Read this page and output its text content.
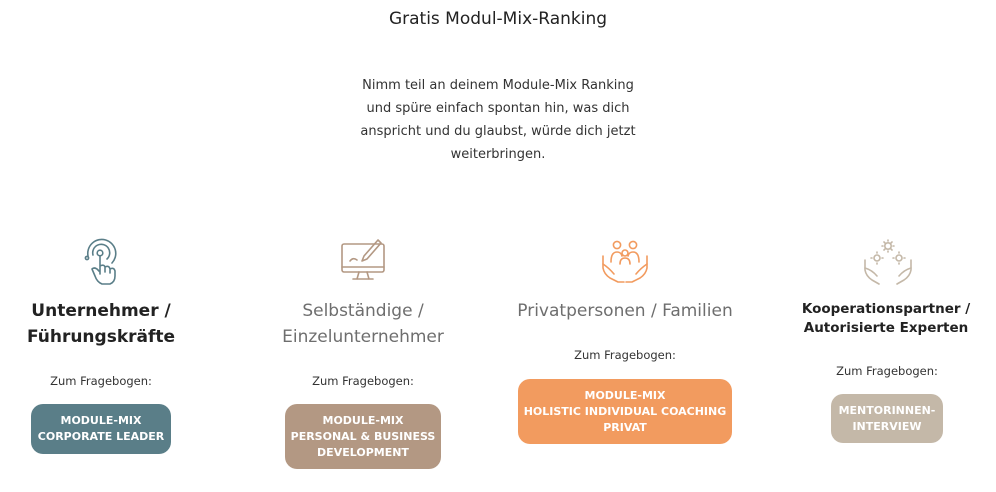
Gratis Modul-Mix-Ranking
Nimm teil an deinem Module-Mix Ranking und spüre einfach spontan hin, was dich anspricht und du glaubst, würde dich jetzt weiterbringen.
Unternehmer /
Führungskräfte
Zum Fragebogen:
MODULE-MIX
CORPORATE LEADER
Selbständige /
Einzelunternehmer
Zum Fragebogen:
MODULE-MIX
PERSONAL & BUSINESS
DEVELOPMENT
Privatpersonen / Familien
Zum Fragebogen:
MODULE-MIX
HOLISTIC INDIVIDUAL COACHING
PRIVAT
Kooperationspartner /
Autorisierte Experten
Zum Fragebogen:
MENTORINNEN-
INTERVIEW
